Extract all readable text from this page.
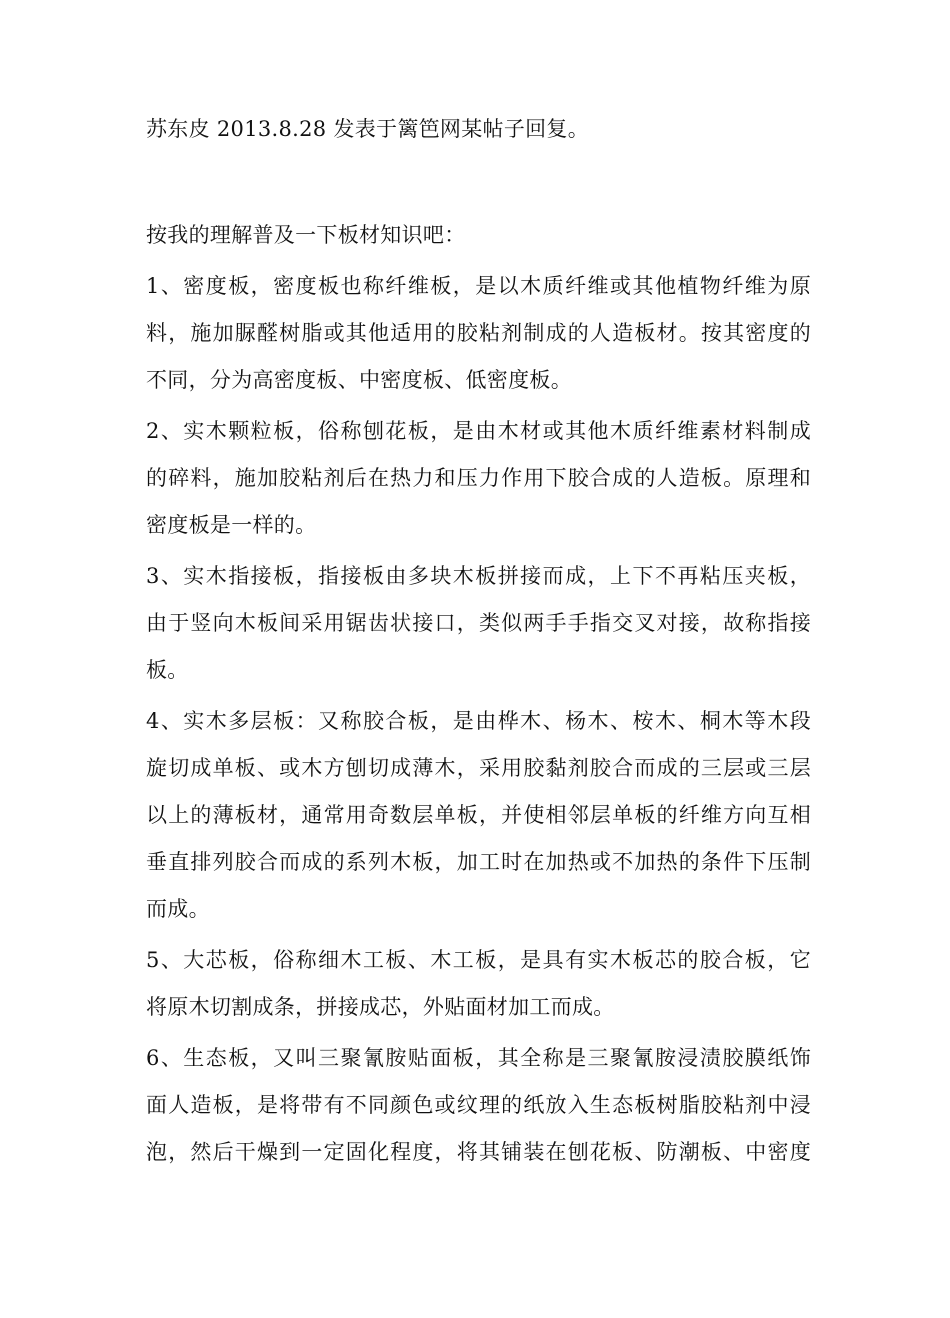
苏东皮 2013.8.28 发表于篱笆网某帖子回复。
按我的理解普及一下板材知识吧：
1、密度板，密度板也称纤维板，是以木质纤维或其他植物纤维为原
料，施加脲醛树脂或其他适用的胶粘剂制成的人造板材。按其密度的
不同，分为高密度板、中密度板、低密度板。
2、实木颗粒板，俗称刨花板，是由木材或其他木质纤维素材料制成
的碎料，施加胶粘剂后在热力和压力作用下胶合成的人造板。原理和
密度板是一样的。
3、实木指接板，指接板由多块木板拼接而成，上下不再粘压夹板，
由于竖向木板间采用锯齿状接口，类似两手手指交叉对接，故称指接
板。
4、实木多层板：又称胶合板，是由桦木、杨木、桉木、桐木等木段
旋切成单板、或木方刨切成薄木，采用胶黏剂胶合而成的三层或三层
以上的薄板材，通常用奇数层单板，并使相邻层单板的纤维方向互相
垂直排列胶合而成的系列木板，加工时在加热或不加热的条件下压制
而成。
5、大芯板，俗称细木工板、木工板，是具有实木板芯的胶合板，它
将原木切割成条，拼接成芯，外贴面材加工而成。
6、生态板，又叫三聚氰胺贴面板，其全称是三聚氰胺浸渍胶膜纸饰
面人造板，是将带有不同颜色或纹理的纸放入生态板树脂胶粘剂中浸
泡，然后干燥到一定固化程度，将其铺装在刨花板、防潮板、中密度
